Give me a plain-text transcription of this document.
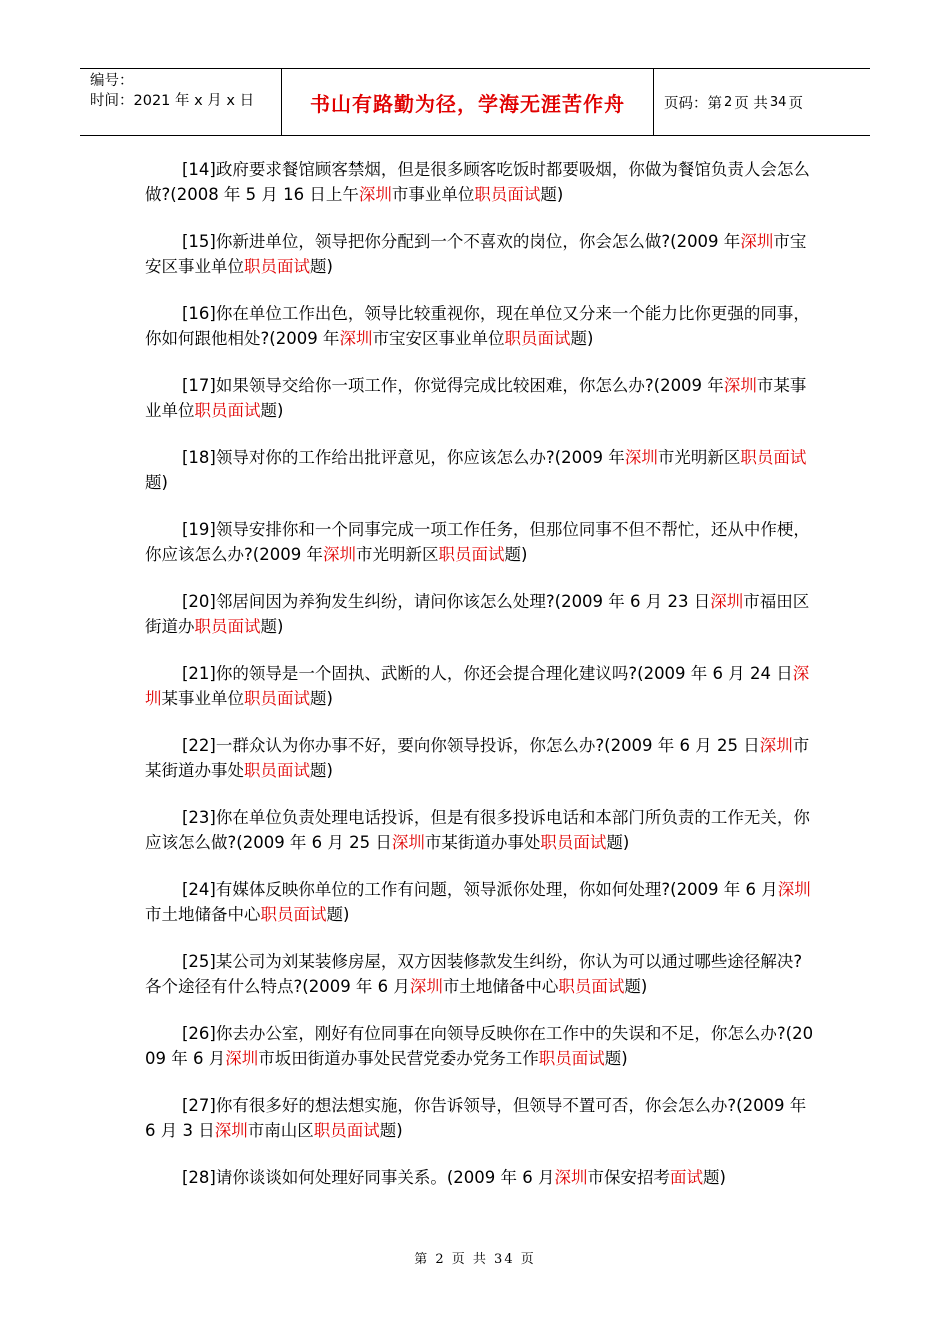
编号：
时间：2021 年 x 月 x 日	书山有路勤为径，学海无涯苦作舟	页码：第 2 页 共 34 页

[14]政府要求餐馆顾客禁烟，但是很多顾客吃饭时都要吸烟，你做为餐馆负责人会怎么做?(2008 年 5 月 16 日上午深圳市事业单位职员面试题)

[15]你新进单位，领导把你分配到一个不喜欢的岗位，你会怎么做?(2009 年深圳市宝安区事业单位职员面试题)

[16]你在单位工作出色，领导比较重视你，现在单位又分来一个能力比你更强的同事，你如何跟他相处?(2009 年深圳市宝安区事业单位职员面试题)

[17]如果领导交给你一项工作，你觉得完成比较困难，你怎么办?(2009 年深圳市某事业单位职员面试题)

[18]领导对你的工作给出批评意见，你应该怎么办?(2009 年深圳市光明新区职员面试题)

[19]领导安排你和一个同事完成一项工作任务，但那位同事不但不帮忙，还从中作梗，你应该怎么办?(2009 年深圳市光明新区职员面试题)

[20]邻居间因为养狗发生纠纷，请问你该怎么处理?(2009 年 6 月 23 日深圳市福田区街道办职员面试题)

[21]你的领导是一个固执、武断的人，你还会提合理化建议吗?(2009 年 6 月 24 日深圳某事业单位职员面试题)

[22]一群众认为你办事不好，要向你领导投诉，你怎么办?(2009 年 6 月 25 日深圳市某街道办事处职员面试题)

[23]你在单位负责处理电话投诉，但是有很多投诉电话和本部门所负责的工作无关，你应该怎么做?(2009 年 6 月 25 日深圳市某街道办事处职员面试题)

[24]有媒体反映你单位的工作有问题，领导派你处理，你如何处理?(2009 年 6 月深圳市土地储备中心职员面试题)

[25]某公司为刘某装修房屋，双方因装修款发生纠纷，你认为可以通过哪些途径解决?各个途径有什么特点?(2009 年 6 月深圳市土地储备中心职员面试题)

[26]你去办公室，刚好有位同事在向领导反映你在工作中的失误和不足，你怎么办?(2009 年 6 月深圳市坂田街道办事处民营党委办党务工作职员面试题)

[27]你有很多好的想法想实施，你告诉领导，但领导不置可否，你会怎么办?(2009 年 6 月 3 日深圳市南山区职员面试题)

[28]请你谈谈如何处理好同事关系。(2009 年 6 月深圳市保安招考面试题)

第 2 页 共 34 页
